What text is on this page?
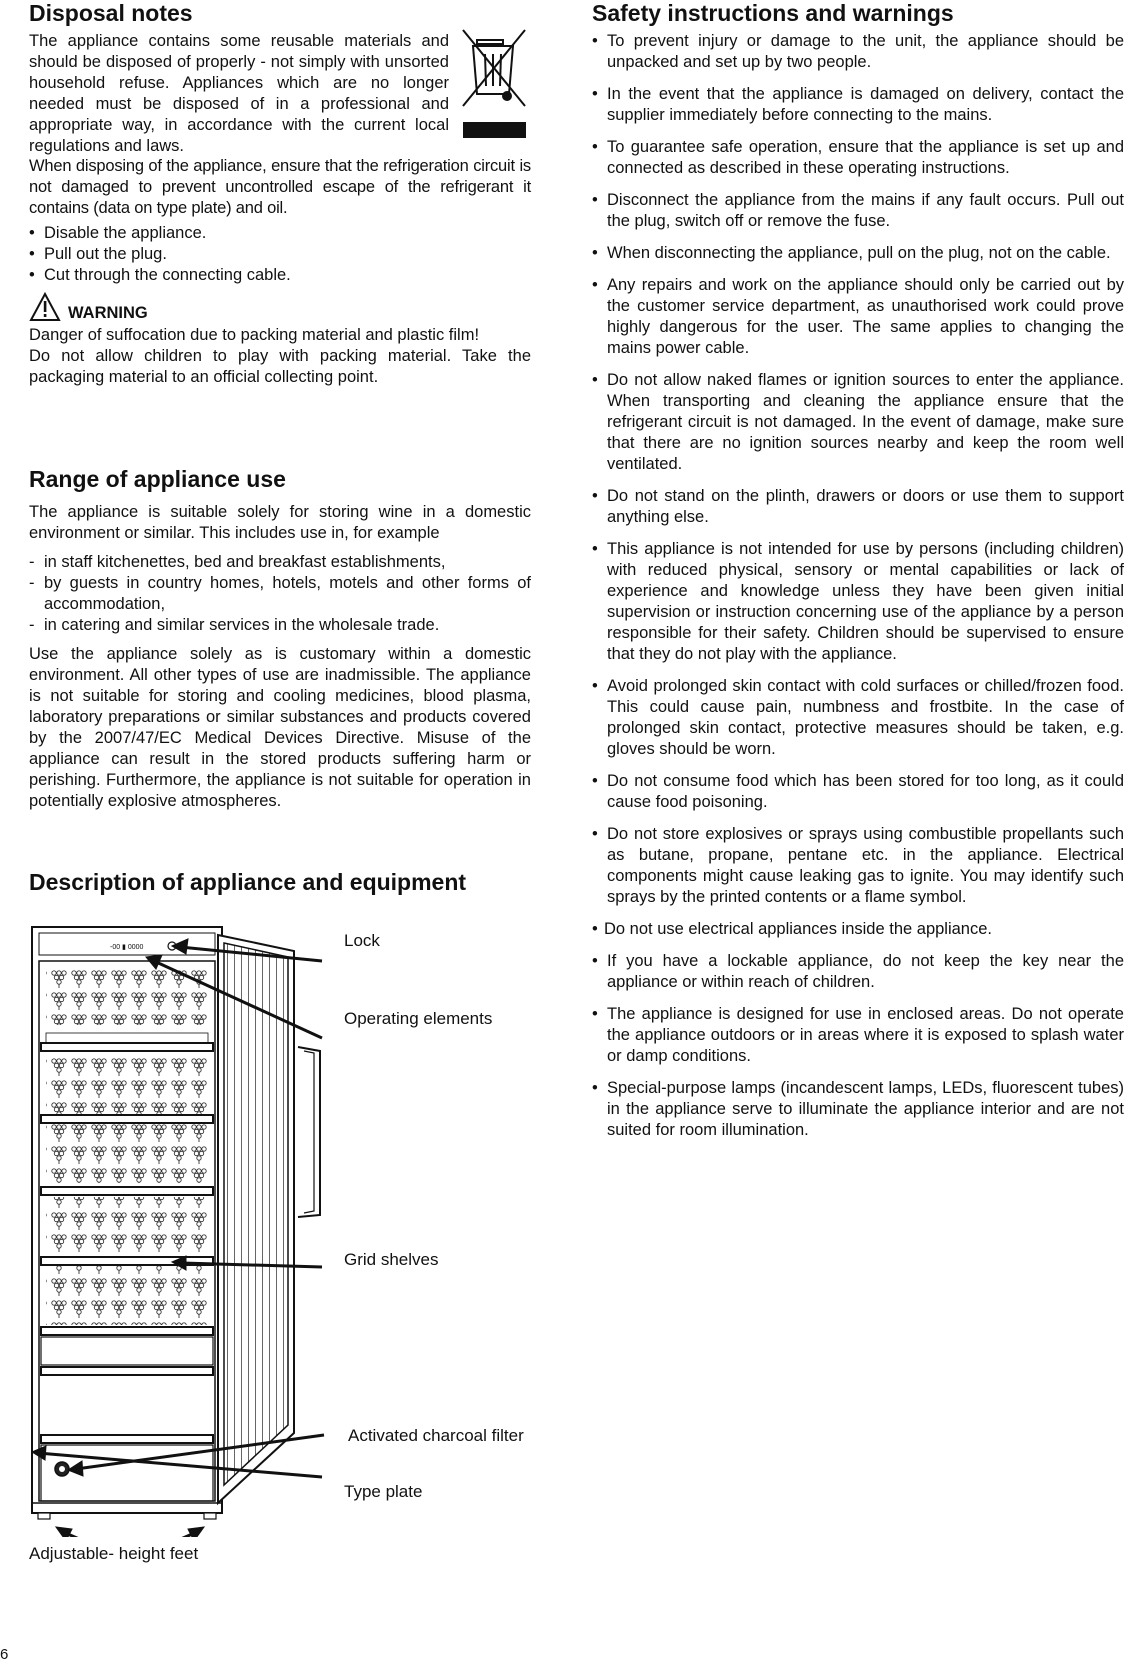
Disposal notes

The appliance contains some reusable materials and should be disposed of properly - not simply with unsorted household refuse. Appliances which are no longer needed must be disposed of in a professional and appropriate way, in accordance with the current local regulations and laws.

When disposing of the appliance, ensure that the refrigeration circuit is not damaged to prevent uncontrolled escape of the refrigerant it contains (data on type plate) and oil.

• Disable the appliance.
• Pull out the plug.
• Cut through the connecting cable.
WARNING

Danger of suffocation due to packing material and plastic film!

Do not allow children to play with packing material. Take the packaging material to an official collecting point.

Range of appliance use

The appliance is suitable solely for storing wine in a domestic environment or similar. This includes use in, for example

- in staff kitchenettes, bed and breakfast establishments,
- by guests in country homes, hotels, motels and other forms of accommodation,
- in catering and similar services in the wholesale trade.

Use the appliance solely as is customary within a domestic environment. All other types of use are inadmissible. The appliance is not suitable for storing and cooling medicines, blood plasma, laboratory preparations or similar substances and products covered by the 2007/47/EC Medical Devices Directive. Misuse of the appliance can result in the stored products suffering harm or perishing. Furthermore, the appliance is not suitable for operation in potentially explosive atmospheres.

Description of appliance and equipment
-00 ▮ 0000	Lock
Operating elements
Grid shelves
Activated charcoal filter
Type plate
Adjustable- height feet
Safety instructions and warnings
• To prevent injury or damage to the unit, the appliance should be unpacked and set up by two people.
• In the event that the appliance is damaged on delivery, contact the supplier immediately before connecting to the mains.
• To guarantee safe operation, ensure that the appliance is set up and connected as described in these operating instructions.
• Disconnect the appliance from the mains if any fault occurs. Pull out the plug, switch off or remove the fuse.
• When disconnecting the appliance, pull on the plug, not on the cable.
• Any repairs and work on the appliance should only be carried out by the customer service department, as unauthorised work could prove highly dangerous for the user. The same applies to changing the mains power cable.
• Do not allow naked flames or ignition sources to enter the appliance. When transporting and cleaning the appliance ensure that the refrigerant circuit is not damaged. In the event of damage, make sure that there are no ignition sources nearby and keep the room well ventilated.
• Do not stand on the plinth, drawers or doors or use them to support anything else.
• This appliance is not intended for use by persons (including children) with reduced physical, sensory or mental capabilities or lack of experience and knowledge unless they have been given initial supervision or instruction concerning use of the appliance by a person responsible for their safety. Children should be supervised to ensure that they do not play with the appliance.
• Avoid prolonged skin contact with cold surfaces or chilled/frozen food. This could cause pain, numbness and frostbite. In the case of prolonged skin contact, protective measures should be taken, e.g. gloves should be worn.
• Do not consume food which has been stored for too long, as it could cause food poisoning.
• Do not store explosives or sprays using combustible propellants such as butane, propane, pentane etc. in the appliance. Electrical components might cause leaking gas to ignite. You may identify such sprays by the printed contents or a flame symbol.
• Do not use electrical appliances inside the appliance.
• If you have a lockable appliance, do not keep the key near the appliance or within reach of children.
• The appliance is designed for use in enclosed areas. Do not operate the appliance outdoors or in areas where it is exposed to splash water or damp conditions.
• Special-purpose lamps (incandescent lamps, LEDs, fluorescent tubes) in the appliance serve to illuminate the appliance interior and are not suited for room illumination.
6
